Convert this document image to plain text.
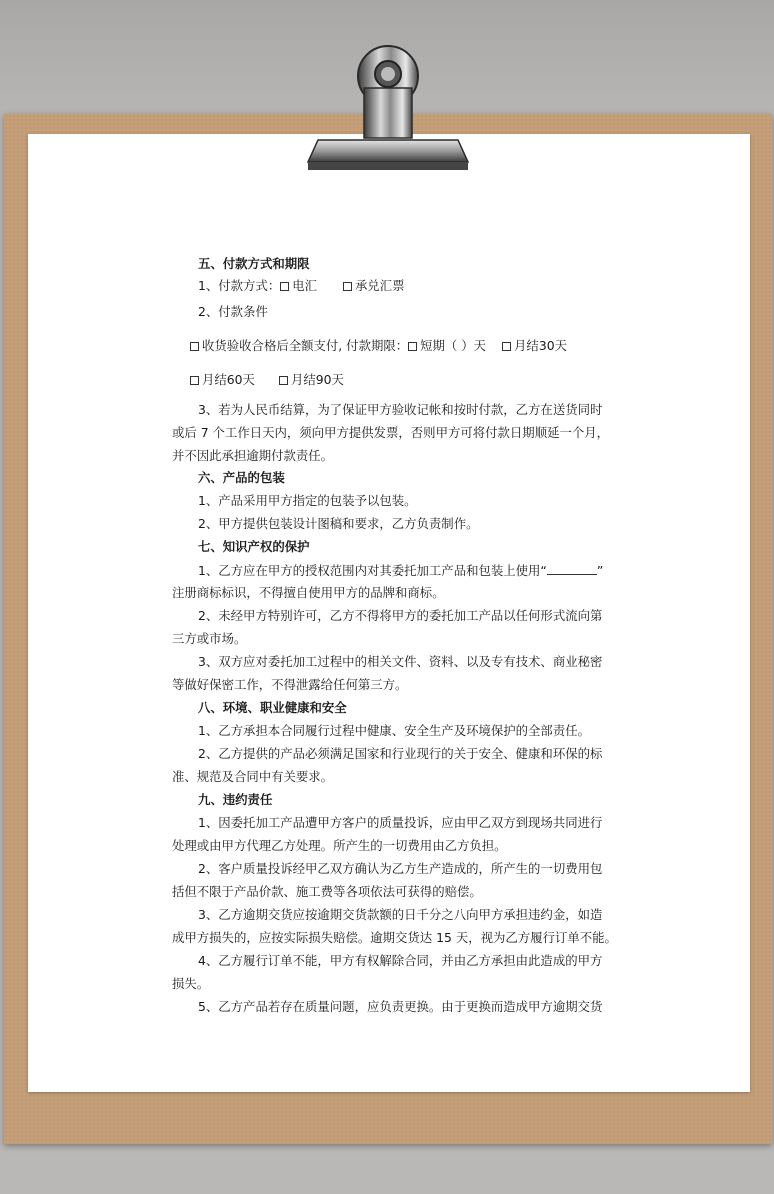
五、付款方式和期限
1、付款方式： 电汇	承兑汇票
2、付款条件
收货验收合格后全额支付, 付款期限： 短期（ ）天 月结30天
月结60天	月结90天
3、若为人民币结算，为了保证甲方验收记帐和按时付款，乙方在送货同时
或后 7 个工作日天内，须向甲方提供发票，否则甲方可将付款日期顺延一个月，
并不因此承担逾期付款责任。
六、产品的包装
1、产品采用甲方指定的包装予以包装。
2、甲方提供包装设计图稿和要求，乙方负责制作。
七、知识产权的保护
1、乙方应在甲方的授权范围内对其委托加工产品和包装上使用“	”
注册商标标识，不得擅自使用甲方的品牌和商标。
2、未经甲方特别许可，乙方不得将甲方的委托加工产品以任何形式流向第
三方或市场。
3、双方应对委托加工过程中的相关文件、资料、以及专有技术、商业秘密
等做好保密工作，不得泄露给任何第三方。
八、环境、职业健康和安全
1、乙方承担本合同履行过程中健康、安全生产及环境保护的全部责任。
2、乙方提供的产品必须满足国家和行业现行的关于安全、健康和环保的标
准、规范及合同中有关要求。
九、违约责任
1、因委托加工产品遭甲方客户的质量投诉，应由甲乙双方到现场共同进行
处理或由甲方代理乙方处理。所产生的一切费用由乙方负担。
2、客户质量投诉经甲乙双方确认为乙方生产造成的，所产生的一切费用包
括但不限于产品价款、施工费等各项依法可获得的赔偿。
3、乙方逾期交货应按逾期交货款额的日千分之八向甲方承担违约金，如造
成甲方损失的，应按实际损失赔偿。逾期交货达 15 天，视为乙方履行订单不能。
4、乙方履行订单不能，甲方有权解除合同，并由乙方承担由此造成的甲方
损失。
5、乙方产品若存在质量问题，应负责更换。由于更换而造成甲方逾期交货
